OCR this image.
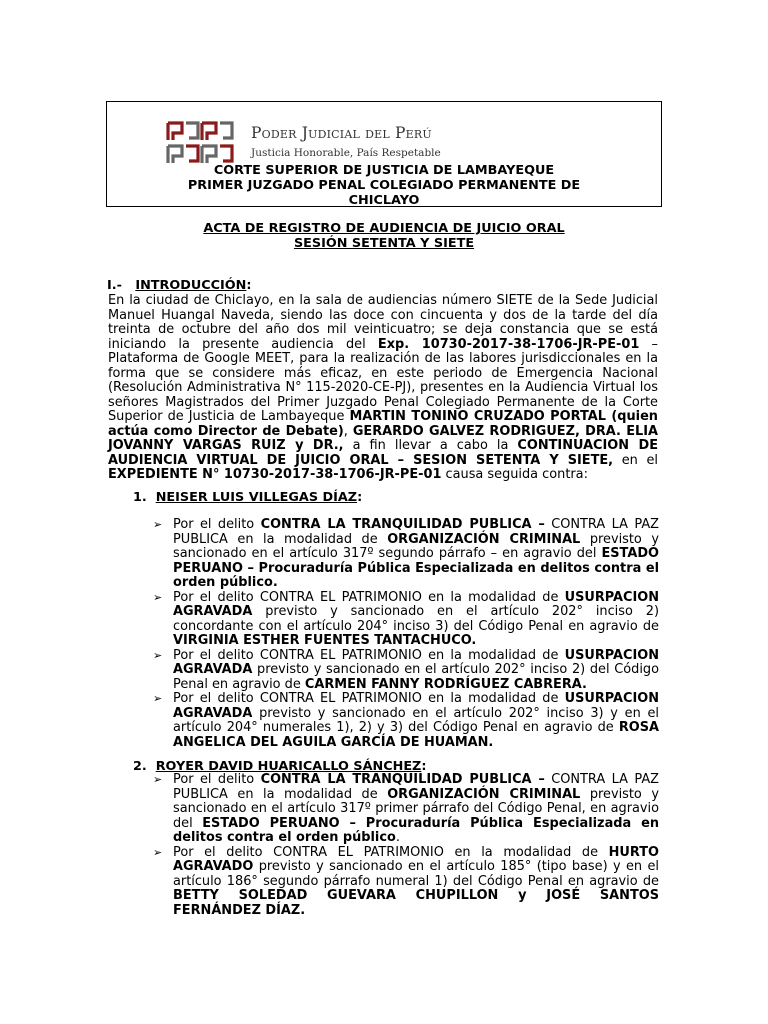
Poder Judicial del Perú
Justicia Honorable, País Respetable
CORTE SUPERIOR DE JUSTICIA DE LAMBAYEQUE
PRIMER JUZGADO PENAL COLEGIADO PERMANENTE DE
CHICLAYO
ACTA DE REGISTRO DE AUDIENCIA DE JUICIO ORAL
SESIÓN SETENTA Y SIETE
I.- INTRODUCCIÓN:
En la ciudad de Chiclayo, en la sala de audiencias número SIETE de la Sede Judicial Manuel Huangal Naveda, siendo las doce con cincuenta y dos de la tarde del día treinta de octubre del año dos mil veinticuatro; se deja constancia que se está iniciando la presente audiencia del Exp. 10730-2017-38-1706-JR-PE-01 – Plataforma de Google MEET, para la realización de las labores jurisdiccionales en la forma que se considere más eficaz, en este periodo de Emergencia Nacional (Resolución Administrativa N° 115-2020-CE-PJ), presentes en la Audiencia Virtual los señores Magistrados del Primer Juzgado Penal Colegiado Permanente de la Corte Superior de Justicia de Lambayeque MARTIN TONINO CRUZADO PORTAL (quien actúa como Director de Debate), GERARDO GALVEZ RODRIGUEZ, DRA. ELIA JOVANNY VARGAS RUIZ y DR., a fin llevar a cabo la CONTINUACION DE AUDIENCIA VIRTUAL DE JUICIO ORAL – SESION SETENTA Y SIETE, en el EXPEDIENTE N° 10730-2017-38-1706-JR-PE-01 causa seguida contra:
1. NEISER LUIS VILLEGAS DÍAZ:
➢ Por el delito CONTRA LA TRANQUILIDAD PUBLICA – CONTRA LA PAZ PUBLICA en la modalidad de ORGANIZACIÓN CRIMINAL previsto y sancionado en el artículo 317º segundo párrafo – en agravio del ESTADO PERUANO – Procuraduría Pública Especializada en delitos contra el orden público.
➢ Por el delito CONTRA EL PATRIMONIO en la modalidad de USURPACION AGRAVADA previsto y sancionado en el artículo 202° inciso 2) concordante con el artículo 204° inciso 3) del Código Penal en agravio de VIRGINIA ESTHER FUENTES TANTACHUCO.
➢ Por el delito CONTRA EL PATRIMONIO en la modalidad de USURPACION AGRAVADA previsto y sancionado en el artículo 202° inciso 2) del Código Penal en agravio de CARMEN FANNY RODRÍGUEZ CABRERA.
➢ Por el delito CONTRA EL PATRIMONIO en la modalidad de USURPACION AGRAVADA previsto y sancionado en el artículo 202° inciso 3) y en el artículo 204° numerales 1), 2) y 3) del Código Penal en agravio de ROSA ANGELICA DEL AGUILA GARCÍA DE HUAMAN.
2. ROYER DAVID HUARICALLO SÁNCHEZ:
➢ Por el delito CONTRA LA TRANQUILIDAD PUBLICA – CONTRA LA PAZ PUBLICA en la modalidad de ORGANIZACIÓN CRIMINAL previsto y sancionado en el artículo 317º primer párrafo del Código Penal, en agravio del ESTADO PERUANO – Procuraduría Pública Especializada en delitos contra el orden público.
➢ Por el delito CONTRA EL PATRIMONIO en la modalidad de HURTO AGRAVADO previsto y sancionado en el artículo 185° (tipo base) y en el artículo 186° segundo párrafo numeral 1) del Código Penal en agravio de BETTY SOLEDAD GUEVARA CHUPILLON y JOSÉ SANTOS FERNÁNDEZ DÍAZ.
